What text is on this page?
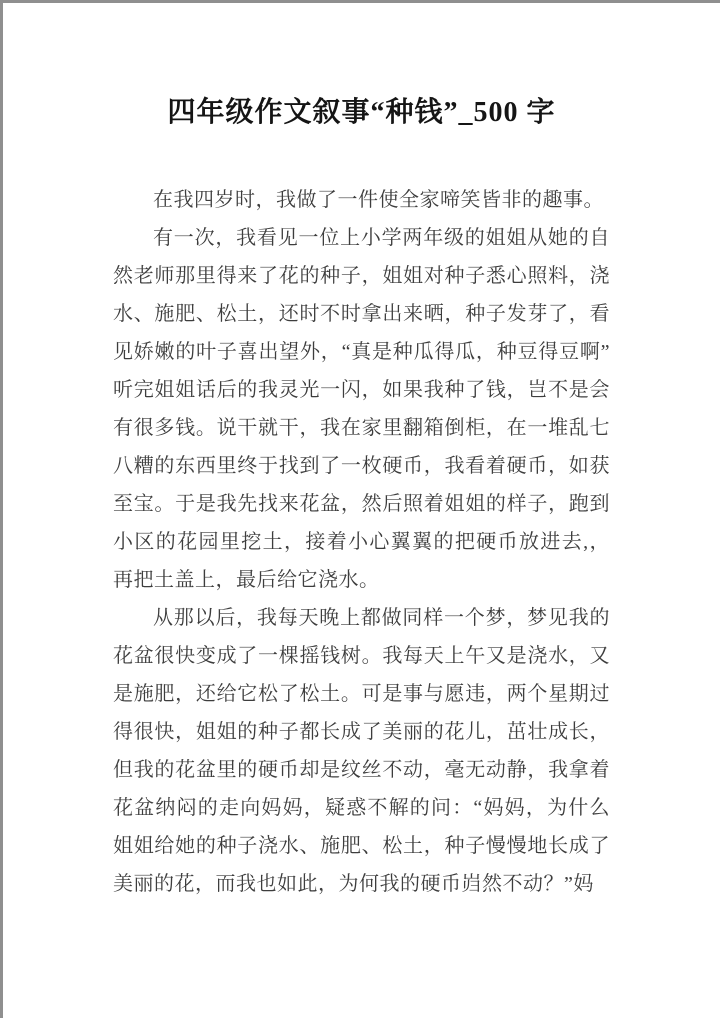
四年级作文叙事“种钱”_500 字

在我四岁时，我做了一件使全家啼笑皆非的趣事。

有一次，我看见一位上小学两年级的姐姐从她的自然老师那里得来了花的种子，姐姐对种子悉心照料，浇水、施肥、松土，还时不时拿出来晒，种子发芽了，看见娇嫩的叶子喜出望外，“真是种瓜得瓜，种豆得豆啊”听完姐姐话后的我灵光一闪，如果我种了钱，岂不是会有很多钱。说干就干，我在家里翻箱倒柜，在一堆乱七八糟的东西里终于找到了一枚硬币，我看着硬币，如获至宝。于是我先找来花盆，然后照着姐姐的样子，跑到小区的花园里挖土，接着小心翼翼的把硬币放进去,，再把土盖上，最后给它浇水。

从那以后，我每天晚上都做同样一个梦，梦见我的花盆很快变成了一棵摇钱树。我每天上午又是浇水，又是施肥，还给它松了松土。可是事与愿违，两个星期过得很快，姐姐的种子都长成了美丽的花儿，茁壮成长，但我的花盆里的硬币却是纹丝不动，毫无动静，我拿着花盆纳闷的走向妈妈，疑惑不解的问：“妈妈，为什么姐姐给她的种子浇水、施肥、松土，种子慢慢地长成了美丽的花，而我也如此，为何我的硬币岿然不动？”妈
